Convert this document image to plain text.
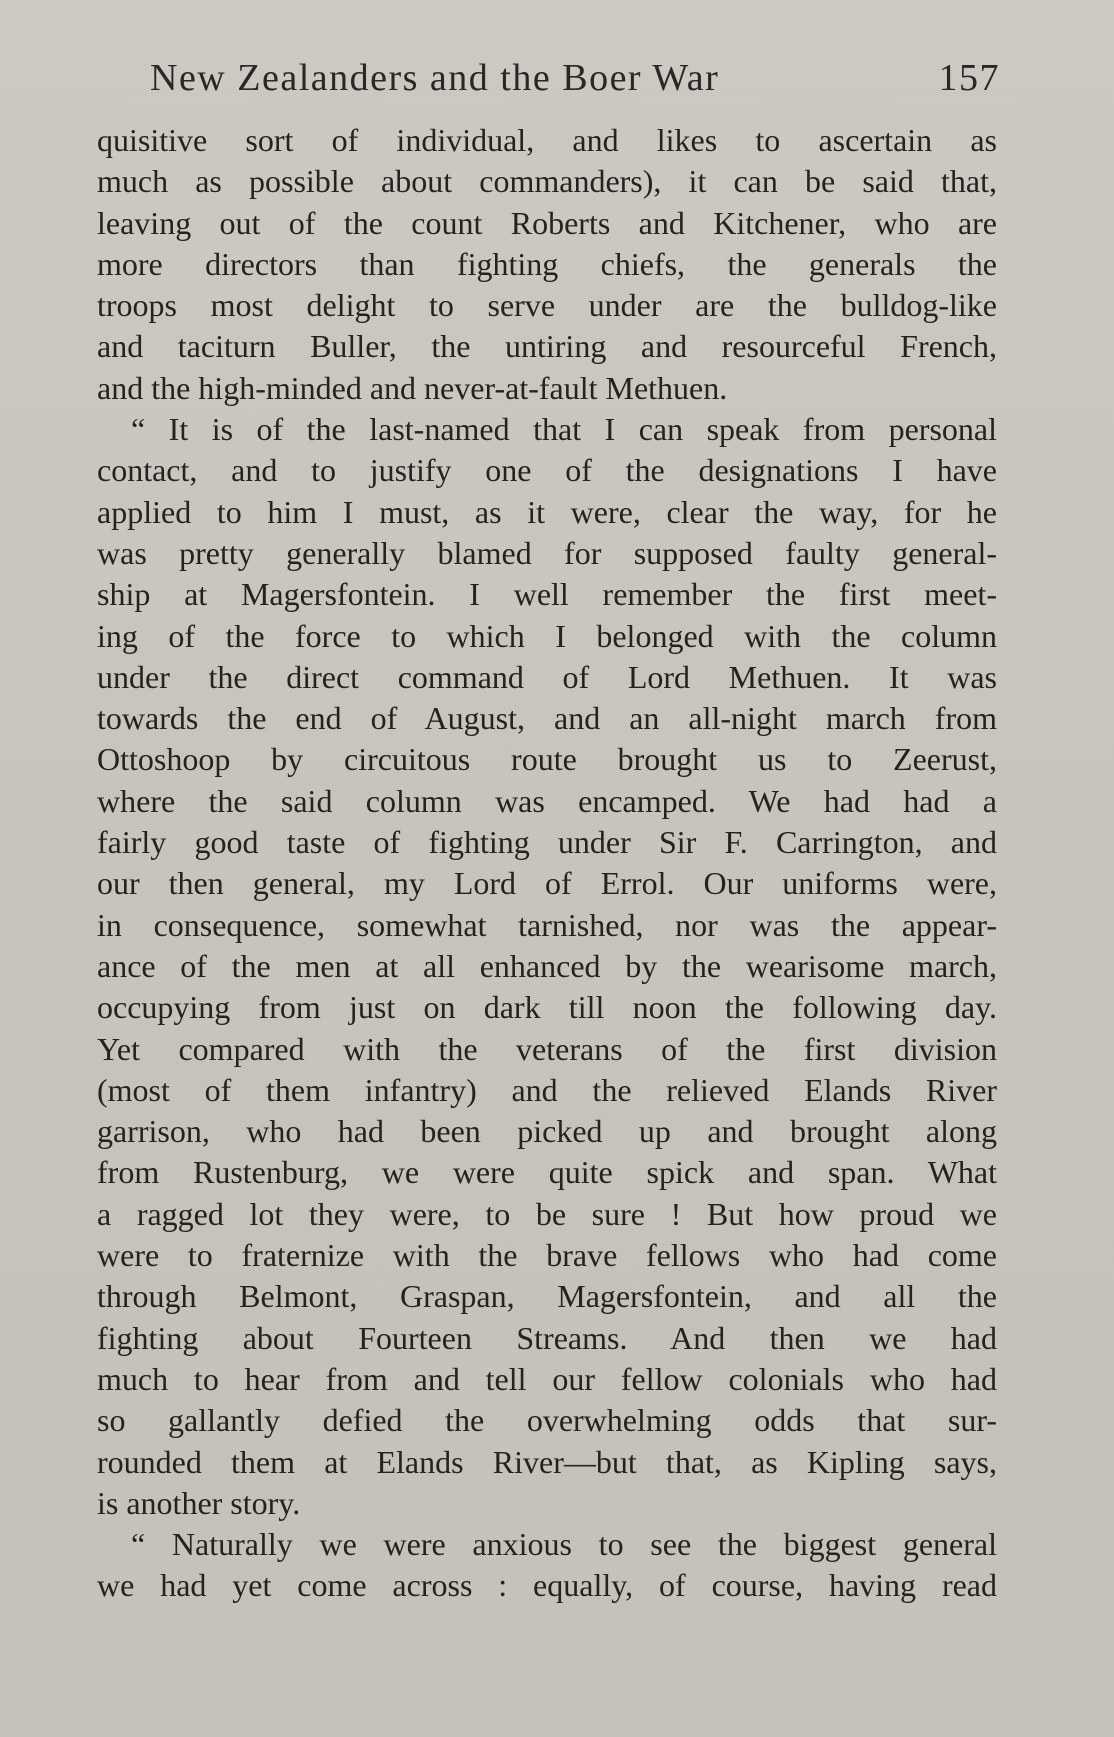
New Zealanders and the Boer War	157
quisitive sort of individual, and likes to ascertain as
much as possible about commanders), it can be said that,
leaving out of the count Roberts and Kitchener, who are
more directors than fighting chiefs, the generals the
troops most delight to serve under are the bulldog-like
and taciturn Buller, the untiring and resourceful French,
and the high-minded and never-at-fault Methuen.
“ It is of the last-named that I can speak from personal
contact, and to justify one of the designations I have
applied to him I must, as it were, clear the way, for he
was pretty generally blamed for supposed faulty general-
ship at Magersfontein. I well remember the first meet-
ing of the force to which I belonged with the column
under the direct command of Lord Methuen. It was
towards the end of August, and an all-night march from
Ottoshoop by circuitous route brought us to Zeerust,
where the said column was encamped. We had had a
fairly good taste of fighting under Sir F. Carrington, and
our then general, my Lord of Errol. Our uniforms were,
in consequence, somewhat tarnished, nor was the appear-
ance of the men at all enhanced by the wearisome march,
occupying from just on dark till noon the following day.
Yet compared with the veterans of the first division
(most of them infantry) and the relieved Elands River
garrison, who had been picked up and brought along
from Rustenburg, we were quite spick and span. What
a ragged lot they were, to be sure ! But how proud we
were to fraternize with the brave fellows who had come
through Belmont, Graspan, Magersfontein, and all the
fighting about Fourteen Streams. And then we had
much to hear from and tell our fellow colonials who had
so gallantly defied the overwhelming odds that sur-
rounded them at Elands River—but that, as Kipling says,
is another story.
“ Naturally we were anxious to see the biggest general
we had yet come across : equally, of course, having read
